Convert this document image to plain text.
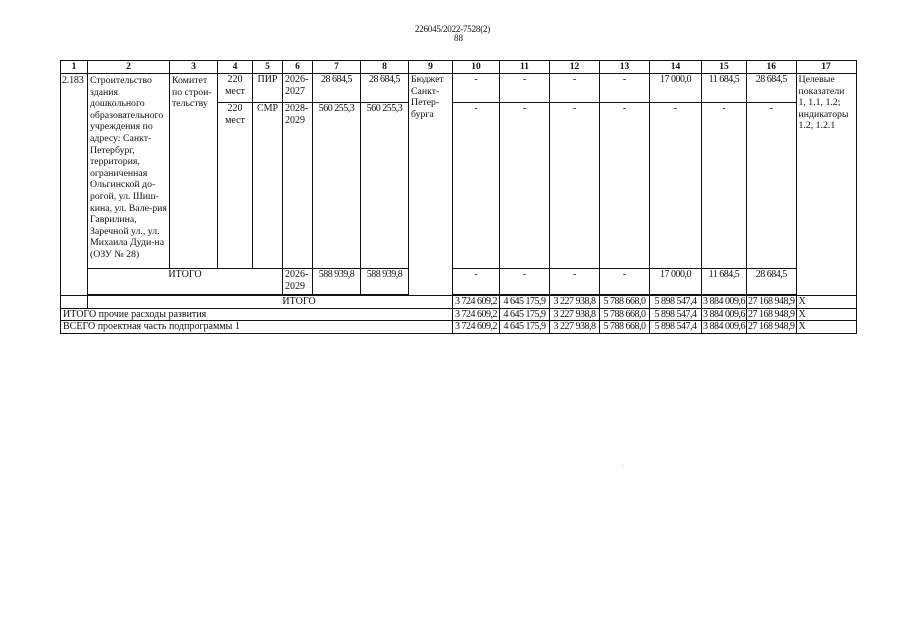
226045/2022-7528(2)
88
1	2	3	4	5	6	7	8	9	10	11	12	13	14	15	16	17
2.183	Строительство здания дошкольного образовательного учреждения по адресу: Санкт-Петербург, территория, ограниченная Ольгинской до-рогой, ул. Шиш-кина, ул. Вале-рия Гаврилина, Заречной ул., ул. Михаила Дуди-на (ОЗУ № 28)	Комитет по строи-тельству	220 мест	ПИР	2026-2027	28 684,5	28 684,5	Бюджет Санкт-Петер-бурга	-	-	-	-	17 000,0	11 684,5	28 684,5	Целевые показатели 1, 1.1, 1.2; индикаторы 1.2, 1.2.1
			220 мест	СМР	2028-2029	560 255,3	560 255,3		-	-	-	-	-	-	-	
	ИТОГО				2026-2029	588 939,8	588 939,8		-	-	-	-	17 000,0	11 684,5	28 684,5	

	ИТОГО								3 724 609,2	4 645 175,9	3 227 938,8	5 788 668,0	5 898 547,4	3 884 009,6	27 168 948,9	X
ИТОГО прочие расходы развития									3 724 609,2	4 645 175,9	3 227 938,8	5 788 668,0	5 898 547,4	3 884 009,6	27 168 948,9	X
ВСЕГО проектная часть подпрограммы 1									3 724 609,2	4 645 175,9	3 227 938,8	5 788 668,0	5 898 547,4	3 884 009,6	27 168 948,9	X
